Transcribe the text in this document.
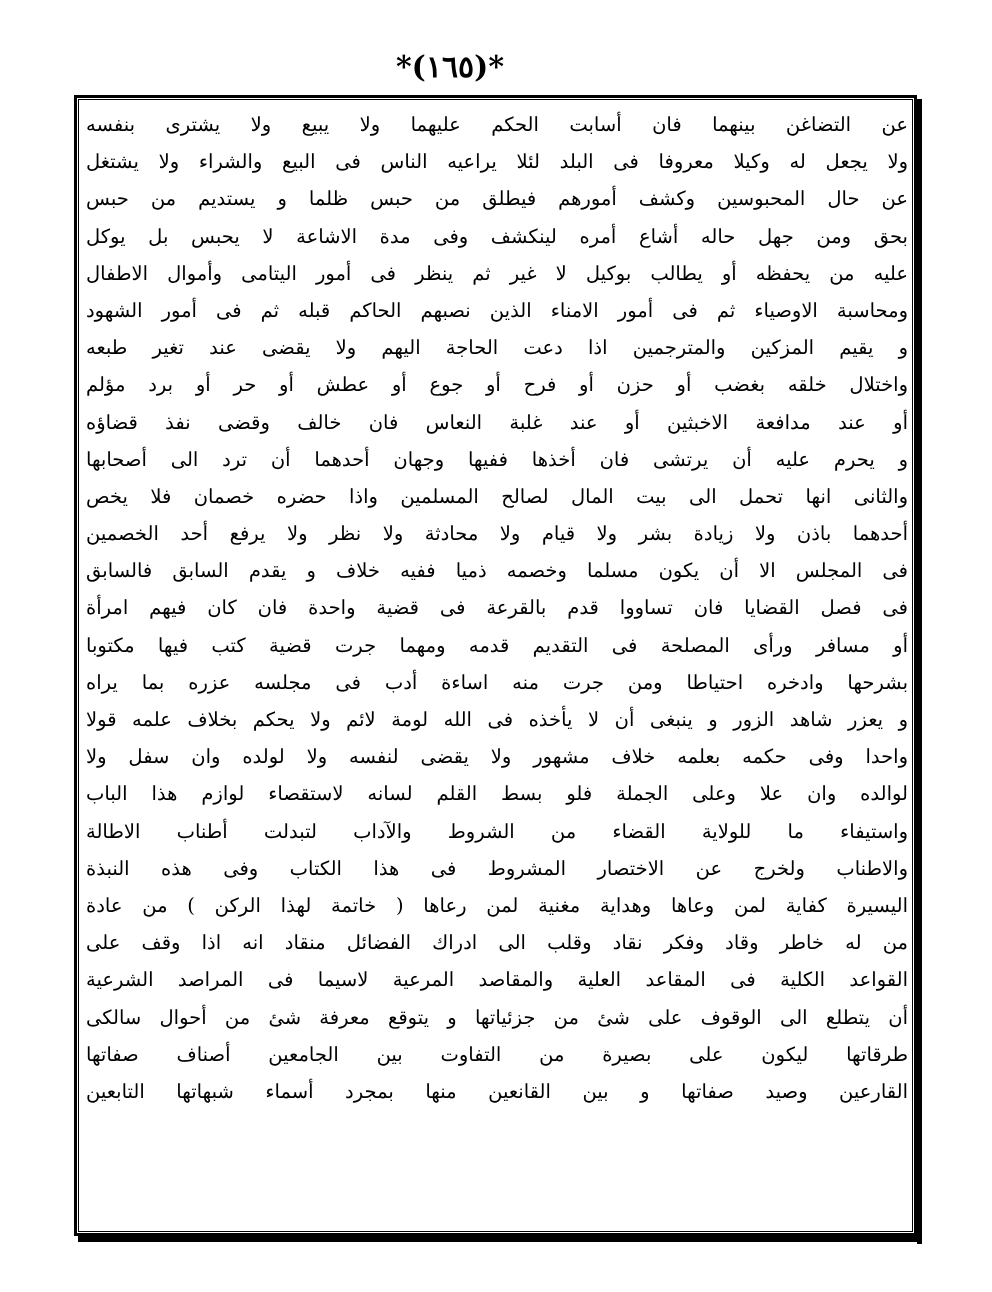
*(١٦٥)*
عن التضاغن بينهما فان أسابت الحكم عليهما ولا يبيع ولا يشترى بنفسه
ولا يجعل له وكيلا معروفا فى البلد لئلا يراعيه الناس فى البيع والشراء ولا يشتغل
عن حال المحبوسين وكشف أمورهم فيطلق من حبس ظلما و يستديم من حبس
بحق ومن جهل حاله أشاع أمره لينكشف وفى مدة الاشاعة لا يحبس بل يوكل
عليه من يحفظه أو يطالب بوكيل لا غير ثم ينظر فى أمور اليتامى وأموال الاطفال
ومحاسبة الاوصياء ثم فى أمور الامناء الذين نصبهم الحاكم قبله ثم فى أمور الشهود
و يقيم المزكين والمترجمين اذا دعت الحاجة اليهم ولا يقضى عند تغير طبعه
واختلال خلقه بغضب أو حزن أو فرح أو جوع أو عطش أو حر أو برد مؤلم
أو عند مدافعة الاخبثين أو عند غلبة النعاس فان خالف وقضى نفذ قضاؤه
و يحرم عليه أن يرتشى فان أخذها ففيها وجهان أحدهما أن ترد الى أصحابها
والثانى انها تحمل الى بيت المال لصالح المسلمين واذا حضره خصمان فلا يخص
أحدهما باذن ولا زيادة بشر ولا قيام ولا محادثة ولا نظر ولا يرفع أحد الخصمين
فى المجلس الا أن يكون مسلما وخصمه ذميا ففيه خلاف و يقدم السابق فالسابق
فى فصل القضايا فان تساووا قدم بالقرعة فى قضية واحدة فان كان فيهم امرأة
أو مسافر ورأى المصلحة فى التقديم قدمه ومهما جرت قضية كتب فيها مكتوبا
بشرحها وادخره احتياطا ومن جرت منه اساءة أدب فى مجلسه عزره بما يراه
و يعزر شاهد الزور و ينبغى أن لا يأخذه فى الله لومة لائم ولا يحكم بخلاف علمه قولا
واحدا وفى حكمه بعلمه خلاف مشهور ولا يقضى لنفسه ولا لولده وان سفل ولا
لوالده وان علا وعلى الجملة فلو بسط القلم لسانه لاستقصاء لوازم هذا الباب
واستيفاء ما للولاية القضاء من الشروط والآداب لتبدلت أطناب الاطالة
والاطناب ولخرج عن الاختصار المشروط فى هذا الكتاب وفى هذه النبذة
اليسيرة كفاية لمن وعاها وهداية مغنية لمن رعاها ( خاتمة لهذا الركن ) من عادة
من له خاطر وقاد وفكر نقاد وقلب الى ادراك الفضائل منقاد انه اذا وقف على
القواعد الكلية فى المقاعد العلية والمقاصد المرعية لاسيما فى المراصد الشرعية
أن يتطلع الى الوقوف على شئ من جزئياتها و يتوقع معرفة شئ من أحوال سالكى
طرقاتها ليكون على بصيرة من التفاوت بين الجامعين أصناف صفاتها
القارعين وصيد صفاتها و بين القانعين منها بمجرد أسماء شبهاتها التابعين
